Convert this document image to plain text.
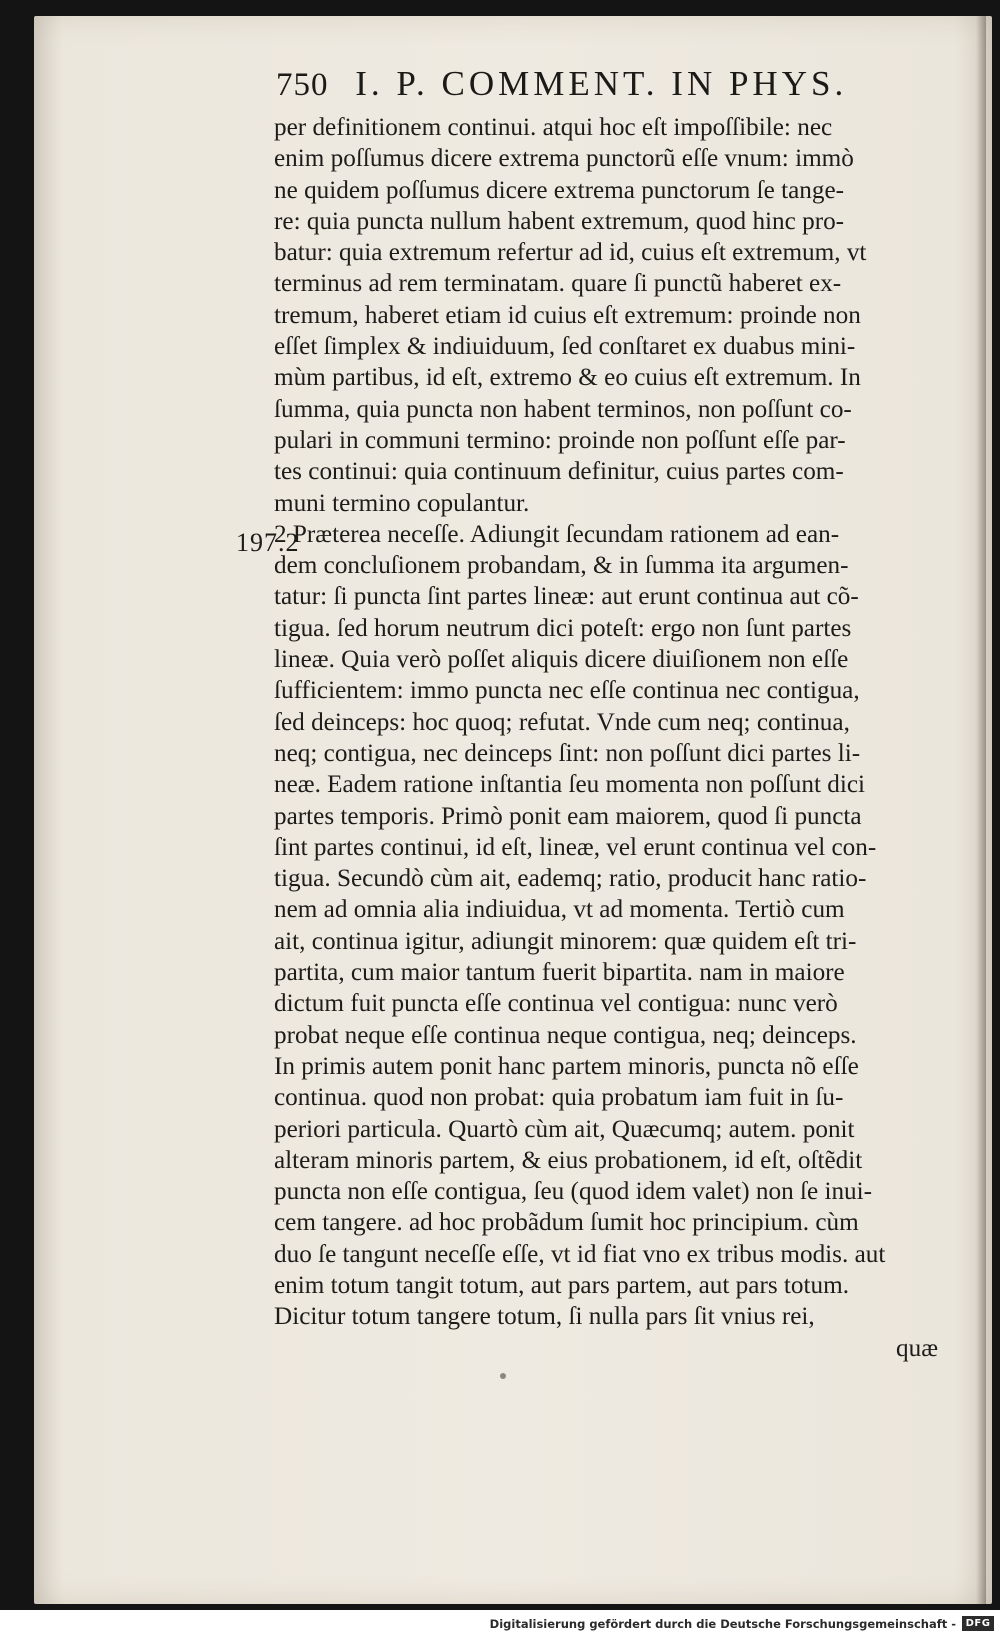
750 I. P. COMMENT. IN PHYS.
197.2
per definitionem continui. atqui hoc eſt impoſſibile: nec
enim poſſumus dicere extrema punctorũ eſſe vnum: immò
ne quidem poſſumus dicere extrema punctorum ſe tange-
re: quia puncta nullum habent extremum, quod hinc pro-
batur: quia extremum refertur ad id, cuius eſt extremum, vt
terminus ad rem terminatam. quare ſi punctũ haberet ex-
tremum, haberet etiam id cuius eſt extremum: proinde non
eſſet ſimplex & indiuiduum, ſed conſtaret ex duabus mini-
mùm partibus, id eſt, extremo & eo cuius eſt extremum. In
ſumma, quia puncta non habent terminos, non poſſunt co-
pulari in communi termino: proinde non poſſunt eſſe par-
tes continui: quia continuum definitur, cuius partes com-
muni termino copulantur.
2 Præterea neceſſe. Adiungit ſecundam rationem ad ean-
dem concluſionem probandam, & in ſumma ita argumen-
tatur: ſi puncta ſint partes lineæ: aut erunt continua aut cõ-
tigua. ſed horum neutrum dici poteſt: ergo non ſunt partes
lineæ. Quia verò poſſet aliquis dicere diuiſionem non eſſe
ſufficientem: immo puncta nec eſſe continua nec contigua,
ſed deinceps: hoc quoq; refutat. Vnde cum neq; continua,
neq; contigua, nec deinceps ſint: non poſſunt dici partes li-
neæ. Eadem ratione inſtantia ſeu momenta non poſſunt dici
partes temporis. Primò ponit eam maiorem, quod ſi puncta
ſint partes continui, id eſt, lineæ, vel erunt continua vel con-
tigua. Secundò cùm ait, eademq; ratio, producit hanc ratio-
nem ad omnia alia indiuidua, vt ad momenta. Tertiò cum
ait, continua igitur, adiungit minorem: quæ quidem eſt tri-
partita, cum maior tantum fuerit bipartita. nam in maiore
dictum fuit puncta eſſe continua vel contigua: nunc verò
probat neque eſſe continua neque contigua, neq; deinceps.
In primis autem ponit hanc partem minoris, puncta nõ eſſe
continua. quod non probat: quia probatum iam fuit in ſu-
periori particula. Quartò cùm ait, Quæcumq; autem. ponit
alteram minoris partem, & eius probationem, id eſt, oſtẽdit
puncta non eſſe contigua, ſeu (quod idem valet) non ſe inui-
cem tangere. ad hoc probãdum ſumit hoc principium. cùm
duo ſe tangunt neceſſe eſſe, vt id fiat vno ex tribus modis. aut
enim totum tangit totum, aut pars partem, aut pars totum.
Dicitur totum tangere totum, ſi nulla pars ſit vnius rei,
quæ
Digitalisierung gefördert durch die Deutsche Forschungsgemeinschaft - DFG
